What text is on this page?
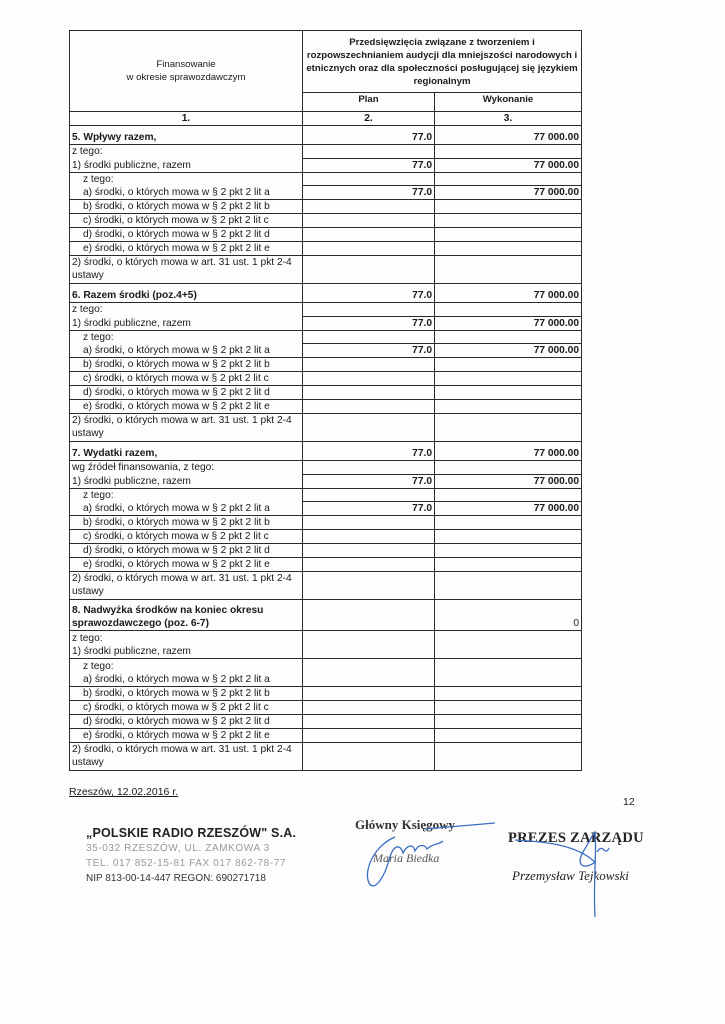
Finansowanie
w okresie sprawozdawczym	Przedsięwzięcia związane z tworzeniem i rozpowszechnianiem audycji dla mniejszości narodowych i etnicznych oraz dla społeczności posługującej się językiem regionalnym	
	Plan	Wykonanie
1.	2.	3.
5. Wpływy razem,	77.0	77 000.00
z tego:		
1) środki publiczne, razem	77.0	77 000.00
z tego:		
a) środki, o których mowa w § 2 pkt 2 lit a	77.0	77 000.00
b) środki, o których mowa w § 2 pkt 2 lit b		
c) środki, o których mowa w § 2 pkt 2 lit c		
d) środki, o których mowa w § 2 pkt 2 lit d		
e) środki, o których mowa w § 2 pkt 2 lit e		
2) środki, o których mowa w art. 31 ust. 1 pkt 2-4
ustawy		
6. Razem środki (poz.4+5)	77.0	77 000.00
z tego:		
1) środki publiczne, razem	77.0	77 000.00
z tego:		
a) środki, o których mowa w § 2 pkt 2 lit a	77.0	77 000.00
b) środki, o których mowa w § 2 pkt 2 lit b		
c) środki, o których mowa w § 2 pkt 2 lit c		
d) środki, o których mowa w § 2 pkt 2 lit d		
e) środki, o których mowa w § 2 pkt 2 lit e		
2) środki, o których mowa w art. 31 ust. 1 pkt 2-4
ustawy		
7. Wydatki razem,	77.0	77 000.00
wg źródeł finansowania, z tego:		
1) środki publiczne, razem	77.0	77 000.00
z tego:		
a) środki, o których mowa w § 2 pkt 2 lit a	77.0	77 000.00
b) środki, o których mowa w § 2 pkt 2 lit b		
c) środki, o których mowa w § 2 pkt 2 lit c		
d) środki, o których mowa w § 2 pkt 2 lit d		
e) środki, o których mowa w § 2 pkt 2 lit e		
2) środki, o których mowa w art. 31 ust. 1 pkt 2-4
ustawy		
8. Nadwyżka środków na koniec okresu
sprawozdawczego (poz. 6-7)		0
z tego:
1) środki publiczne, razem		
z tego:
a) środki, o których mowa w § 2 pkt 2 lit a		
b) środki, o których mowa w § 2 pkt 2 lit b		
c) środki, o których mowa w § 2 pkt 2 lit c		
d) środki, o których mowa w § 2 pkt 2 lit d		
e) środki, o których mowa w § 2 pkt 2 lit e		
2) środki, o których mowa w art. 31 ust. 1 pkt 2-4
ustawy		
Rzeszów, 12.02.2016 r.
12
„POLSKIE RADIO RZESZÓW" S.A.
35-032 RZESZÓW, UL. ZAMKOWA 3
TEL. 017 852-15-81 FAX 017 862-78-77
NIP 813-00-14-447 REGON: 690271718
Główny Księgowy
Maria Biedka
PREZES ZARZĄDU
Przemysław Tejkowski
